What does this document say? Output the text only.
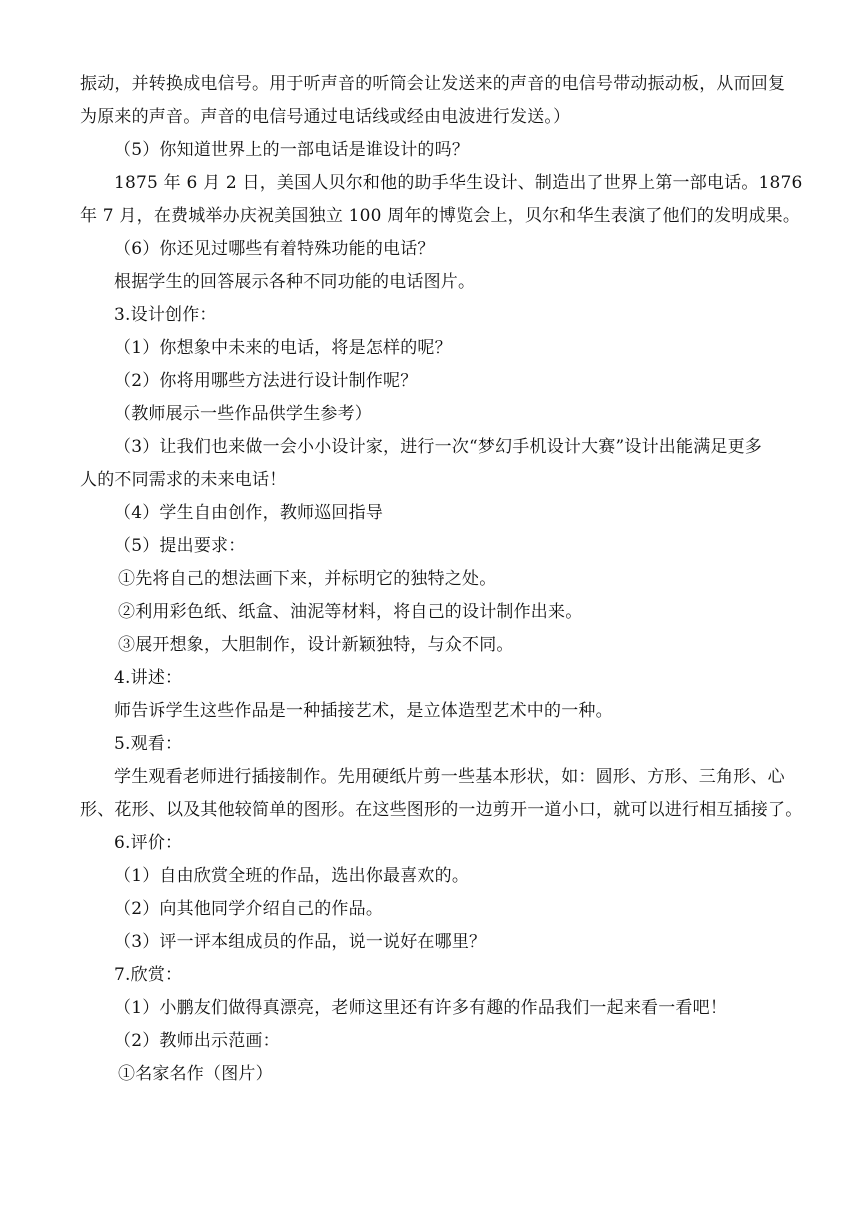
振动，并转换成电信号。用于听声音的听筒会让发送来的声音的电信号带动振动板，从而回复
为原来的声音。声音的电信号通过电话线或经由电波进行发送。）
（5）你知道世界上的一部电话是谁设计的吗？
1875 年 6 月 2 日，美国人贝尔和他的助手华生设计、制造出了世界上第一部电话。1876
年 7 月，在费城举办庆祝美国独立 100 周年的博览会上，贝尔和华生表演了他们的发明成果。
（6）你还见过哪些有着特殊功能的电话？
根据学生的回答展示各种不同功能的电话图片。
3.设计创作：
（1）你想象中未来的电话，将是怎样的呢？
（2）你将用哪些方法进行设计制作呢？
（教师展示一些作品供学生参考）
（3）让我们也来做一会小小设计家，进行一次“梦幻手机设计大赛”设计出能满足更多
人的不同需求的未来电话！
（4）学生自由创作，教师巡回指导
（5）提出要求：
①先将自己的想法画下来，并标明它的独特之处。
②利用彩色纸、纸盒、油泥等材料，将自己的设计制作出来。
③展开想象，大胆制作，设计新颖独特，与众不同。
4.讲述：
师告诉学生这些作品是一种插接艺术，是立体造型艺术中的一种。
5.观看：
学生观看老师进行插接制作。先用硬纸片剪一些基本形状，如：圆形、方形、三角形、心
形、花形、以及其他较简单的图形。在这些图形的一边剪开一道小口，就可以进行相互插接了。
6.评价：
（1）自由欣赏全班的作品，选出你最喜欢的。
（2）向其他同学介绍自己的作品。
（3）评一评本组成员的作品，说一说好在哪里？
7.欣赏：
（1）小鹏友们做得真漂亮，老师这里还有许多有趣的作品我们一起来看一看吧！
（2）教师出示范画：
①名家名作（图片）
